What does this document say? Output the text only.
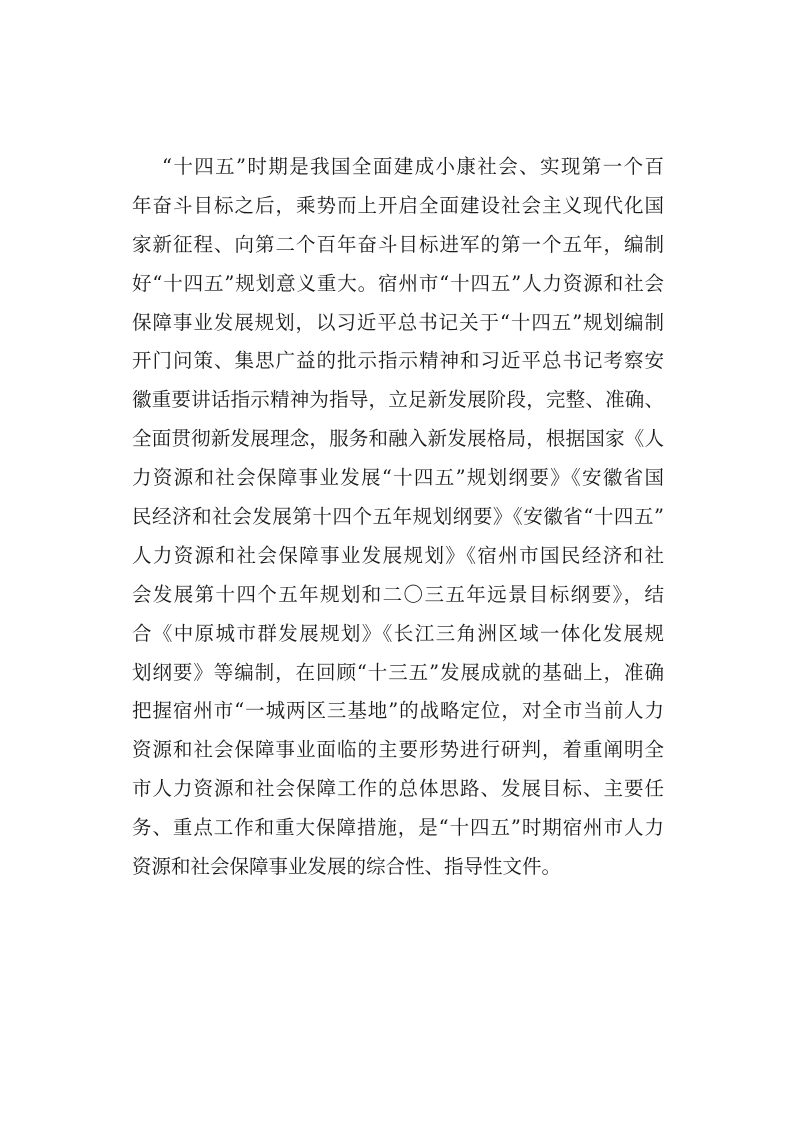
“十四五”时期是我国全面建成小康社会、实现第一个百
年奋斗目标之后，乘势而上开启全面建设社会主义现代化国
家新征程、向第二个百年奋斗目标进军的第一个五年，编制
好“十四五”规划意义重大。宿州市“十四五”人力资源和社会
保障事业发展规划，以习近平总书记关于“十四五”规划编制
开门问策、集思广益的批示指示精神和习近平总书记考察安
徽重要讲话指示精神为指导，立足新发展阶段，完整、准确、
全面贯彻新发展理念，服务和融入新发展格局，根据国家《人
力资源和社会保障事业发展“十四五”规划纲要》《安徽省国
民经济和社会发展第十四个五年规划纲要》《安徽省“十四五”
人力资源和社会保障事业发展规划》《宿州市国民经济和社
会发展第十四个五年规划和二〇三五年远景目标纲要》，结
合《中原城市群发展规划》《长江三角洲区域一体化发展规
划纲要》等编制，在回顾“十三五”发展成就的基础上，准确
把握宿州市“一城两区三基地”的战略定位，对全市当前人力
资源和社会保障事业面临的主要形势进行研判，着重阐明全
市人力资源和社会保障工作的总体思路、发展目标、主要任
务、重点工作和重大保障措施，是“十四五”时期宿州市人力
资源和社会保障事业发展的综合性、指导性文件。
